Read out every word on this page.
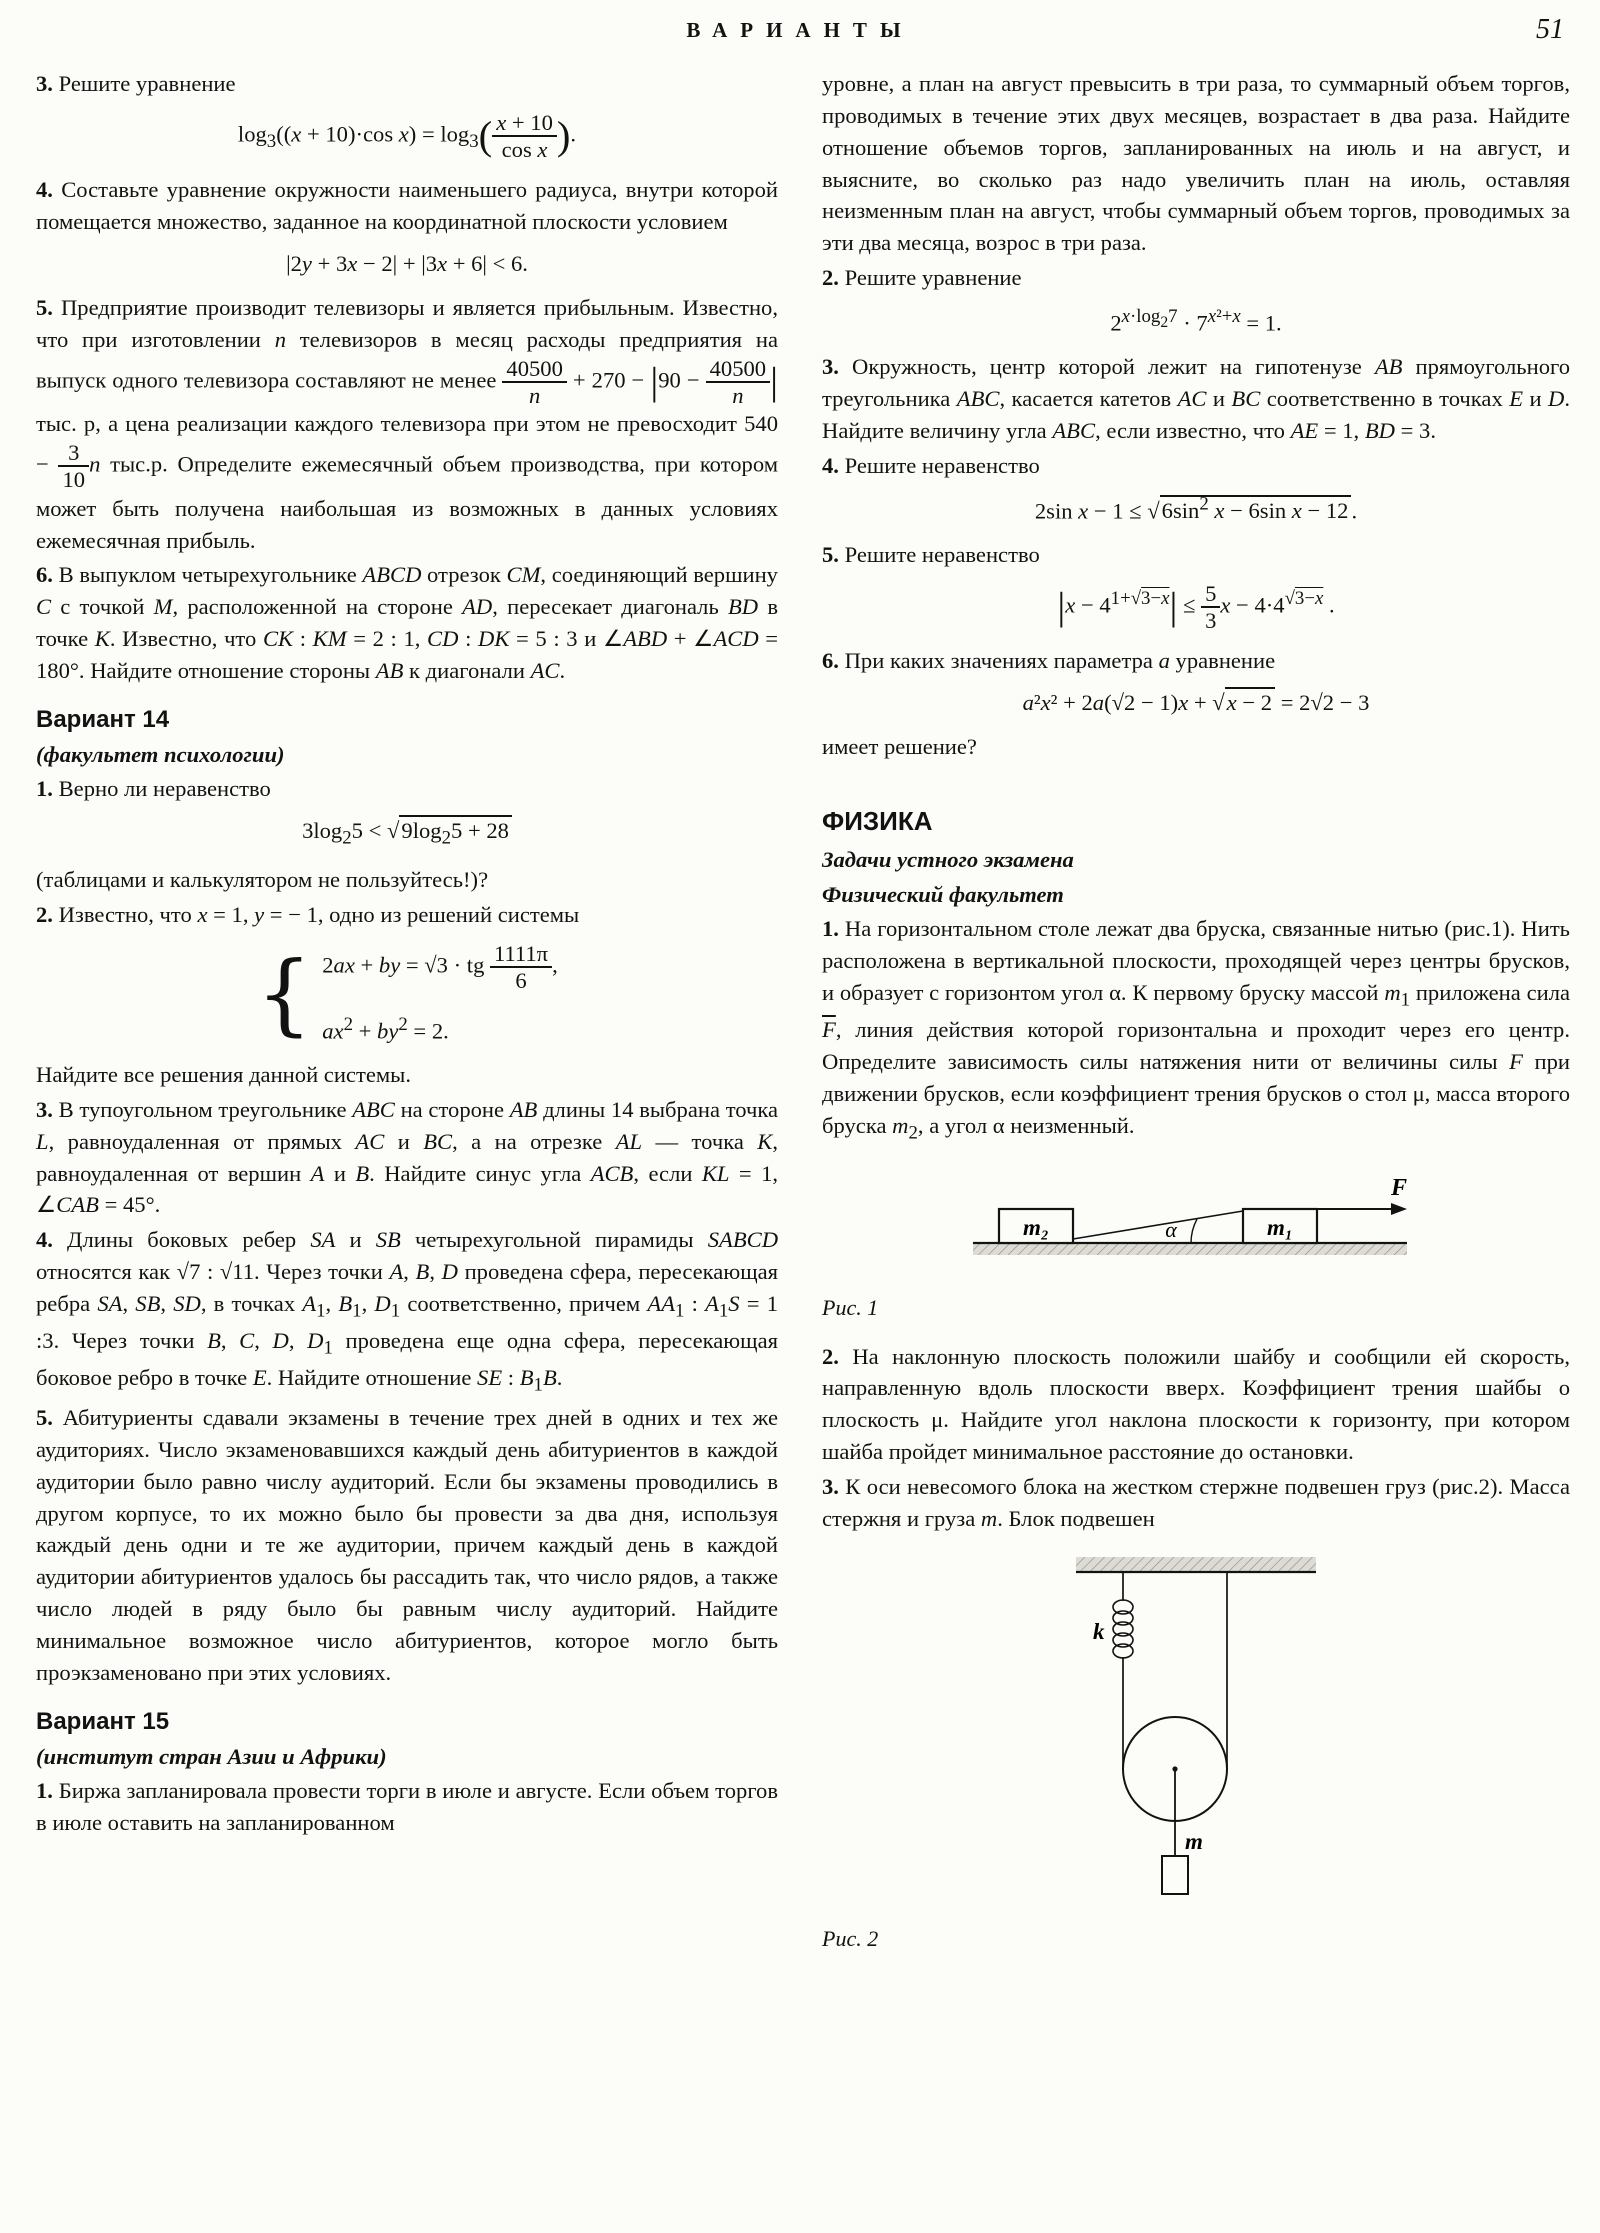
ВАРИАНТЫ	51

3. Решите уравнение

$\log_3((x + 10)\cdot\cos$ $x) = \log_3( \frac{x + 10}{\text{cos x}}$ ).

4. Составьте уравнение окружности наименьшего радиуса, внутри которой помещается множество, заданное на координатной плоскости условием

|2y + 3x − 2| + |3x + 6| < 6.

5. Предприятие производит телевизоры и является прибыльным. Известно, что при изготовлении n телевизоров в месяц расходы предприятия на выпуск одного телевизора составляют не менее $\frac{40500}{n} + 270 - |90 - \frac{40500}{n}$ | тыс. р, а цена реализации каждого телевизора при этом не превосходит $540 - \frac{3}{10}$ n тыс.р. Определите ежемесячный объем производства, при котором может быть получена наибольшая из возможных в данных условиях ежемесячная прибыль.

6. В выпуклом четырехугольнике ABCD отрезок CM, соединяющий вершину C с точкой M, расположенной на стороне AD, пересекает диагональ BD в точке K. Известно, что CK : KM = 2 : 1, CD : DK = 5 : 3 и ∠ABD + ∠ACD = 180°. Найдите отношение стороны AB к диагонали AC.

Вариант 14

(факультет психологии)

1. Верно ли неравенство

$3\log_25 < √9\log_25 + 28$

(таблицами и калькулятором не пользуйтесь!)?

2. Известно, что x = 1, y = − 1, одно из решений системы

{ 2ax + by = √3 · tg $\frac{1111\pi}{6}$ ,
$ax^2 + by^2 = 2$.

Найдите все решения данной системы.

3. В тупоугольном треугольнике ABC на стороне AB длины 14 выбрана точка L, равноудаленная от прямых AC и BC, а на отрезке AL — точка K, равноудаленная от вершин A и B. Найдите синус угла ACB, если KL = 1, ∠CAB = 45°.

4. Длины боковых ребер SA и SB четырехугольной пирамиды SABCD относятся как √7 : √11. Через точки A, B, D проведена сфера, пересекающая ребра SA, SB, SD, в точках $A_1$, $B_1$, $D_1$ соответственно, причем $AA_1$ : $A_1S = 1$ :3. Через точки B, C, D, $D_1$ проведена еще одна сфера, пересекающая боковое ребро в точке E. Найдите отношение SE : $B_1B$.

5. Абитуриенты сдавали экзамены в течение трех дней в одних и тех же аудиториях. Число экзаменовавшихся каждый день абитуриентов в каждой аудитории было равно числу аудиторий. Если бы экзамены проводились в другом корпусе, то их можно было бы провести за два дня, используя каждый день одни и те же аудитории, причем каждый день в каждой аудитории абитуриентов удалось бы рассадить так, что число рядов, а также число людей в ряду было бы равным числу аудиторий. Найдите минимальное возможное число абитуриентов, которое могло быть проэкзаменовано при этих условиях.

Вариант 15

(институт стран Азии и Африки)

1. Биржа запланировала провести торги в июле и августе. Если объем торгов в июле оставить на запланированном

уровне, а план на август превысить в три раза, то суммарный объем торгов, проводимых в течение этих двух месяцев, возрастает в два раза. Найдите отношение объемов торгов, запланированных на июль и на август, и выясните, во сколько раз надо увеличить план на июль, оставляя неизменным план на август, чтобы суммарный объем торгов, проводимых за эти два месяца, возрос в три раза.

2. Решите уравнение

$2^{x\cdot log_27} \cdot 7^{x^2+x} = 1$.

3. Окружность, центр которой лежит на гипотенузе AB прямоугольного треугольника ABC, касается катетов AC и BC соответственно в точках E и D. Найдите величину угла ABC, если известно, что AE = 1, BD = 3.

4. Решите неравенство

2sin $x - 1 \le √6\sin^2$ x − 6sin x − 12 .

5. Решите неравенство

$|x - 4^{1+√3-x}| \le \frac{5}{3}$ $x - 4\cdot 4^{√3-x}$ .

6. При каких значениях параметра a уравнение

a²x² + 2a(√2 − 1)x + √x − 2 = 2√2 − 3

имеет решение?

ФИЗИКА

Задачи устного экзамена

Физический факультет

1. На горизонтальном столе лежат два бруска, связанные нитью (рис.1). Нить расположена в вертикальной плоскости, проходящей через центры брусков, и образует с горизонтом угол α. К первому бруску массой $m_1$ приложена сила $\overline{F}$, линия действия которой горизонтальна и проходит через его центр. Определите зависимость силы натяжения нити от величины силы F при движении брусков, если коэффициент трения брусков о стол μ, масса второго бруска $m_2$, а угол α неизменный.

m₂	m₁
α
F
Рис. 1

2. На наклонную плоскость положили шайбу и сообщили ей скорость, направленную вдоль плоскости вверх. Коэффициент трения шайбы о плоскость μ. Найдите угол наклона плоскости к горизонту, при котором шайба пройдет минимальное расстояние до остановки.

3. К оси невесомого блока на жестком стержне подвешен груз (рис.2). Масса стержня и груза m. Блок подвешен

k
m
Рис. 2
